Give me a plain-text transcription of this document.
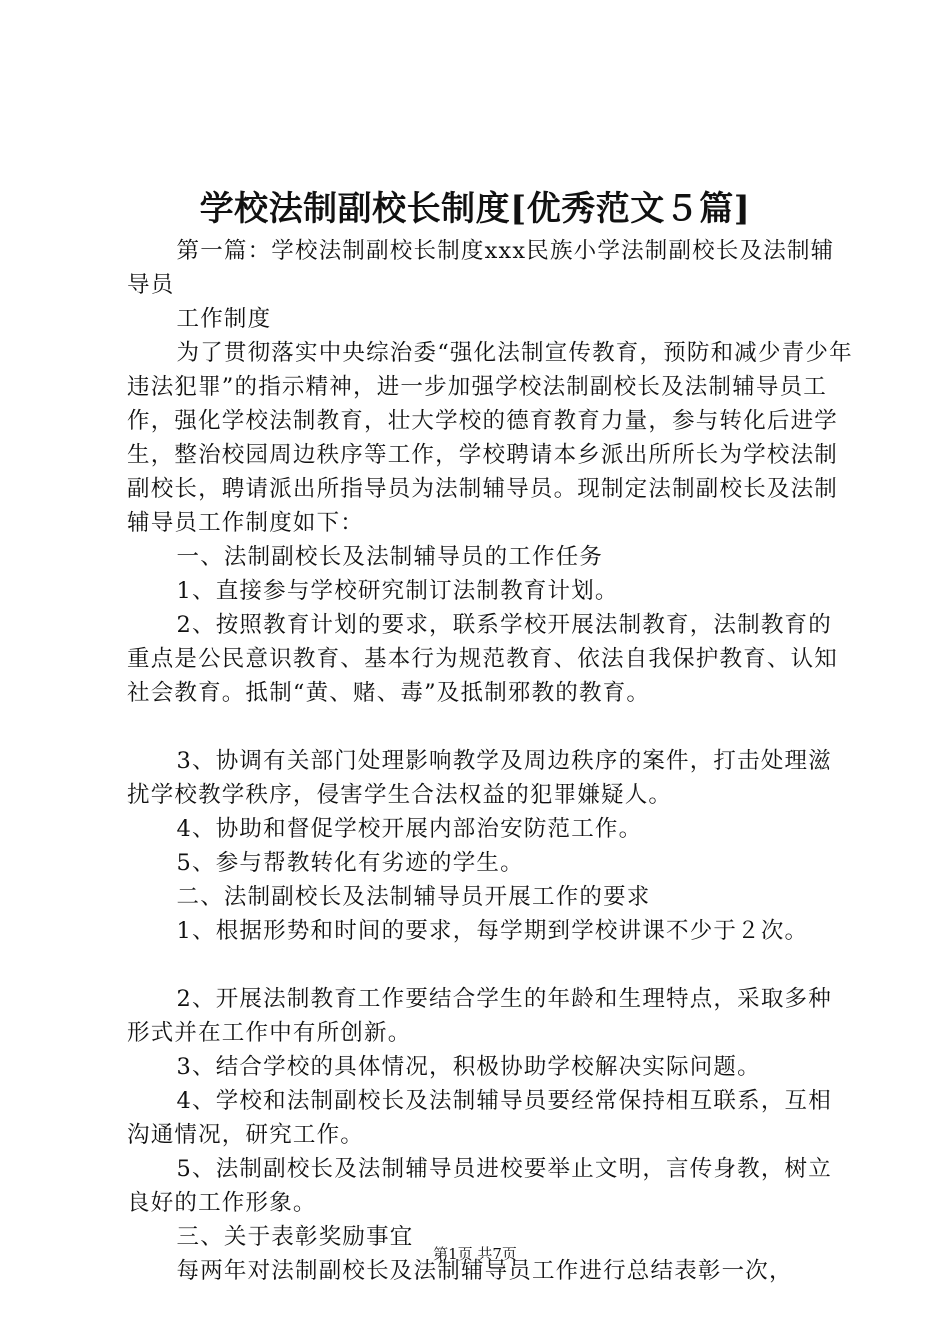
学校法制副校长制度[优秀范文５篇]

第一篇：学校法制副校长制度xxx民族小学法制副校长及法制辅导员

工作制度

为了贯彻落实中央综治委“强化法制宣传教育，预防和减少青少年违法犯罪”的指示精神，进一步加强学校法制副校长及法制辅导员工作，强化学校法制教育，壮大学校的德育教育力量，参与转化后进学生，整治校园周边秩序等工作，学校聘请本乡派出所所长为学校法制副校长，聘请派出所指导员为法制辅导员。现制定法制副校长及法制辅导员工作制度如下：

一、法制副校长及法制辅导员的工作任务

1、直接参与学校研究制订法制教育计划。

2、按照教育计划的要求，联系学校开展法制教育，法制教育的重点是公民意识教育、基本行为规范教育、依法自我保护教育、认知社会教育。抵制“黄、赌、毒”及抵制邪教的教育。

3、协调有关部门处理影响教学及周边秩序的案件，打击处理滋扰学校教学秩序，侵害学生合法权益的犯罪嫌疑人。

4、协助和督促学校开展内部治安防范工作。

5、参与帮教转化有劣迹的学生。

二、法制副校长及法制辅导员开展工作的要求

1、根据形势和时间的要求，每学期到学校讲课不少于２次。

2、开展法制教育工作要结合学生的年龄和生理特点，采取多种形式并在工作中有所创新。

3、结合学校的具体情况，积极协助学校解决实际问题。

4、学校和法制副校长及法制辅导员要经常保持相互联系，互相沟通情况，研究工作。

5、法制副校长及法制辅导员进校要举止文明，言传身教，树立良好的工作形象。

三、关于表彰奖励事宜

每两年对法制副校长及法制辅导员工作进行总结表彰一次，

第1页 共7页
